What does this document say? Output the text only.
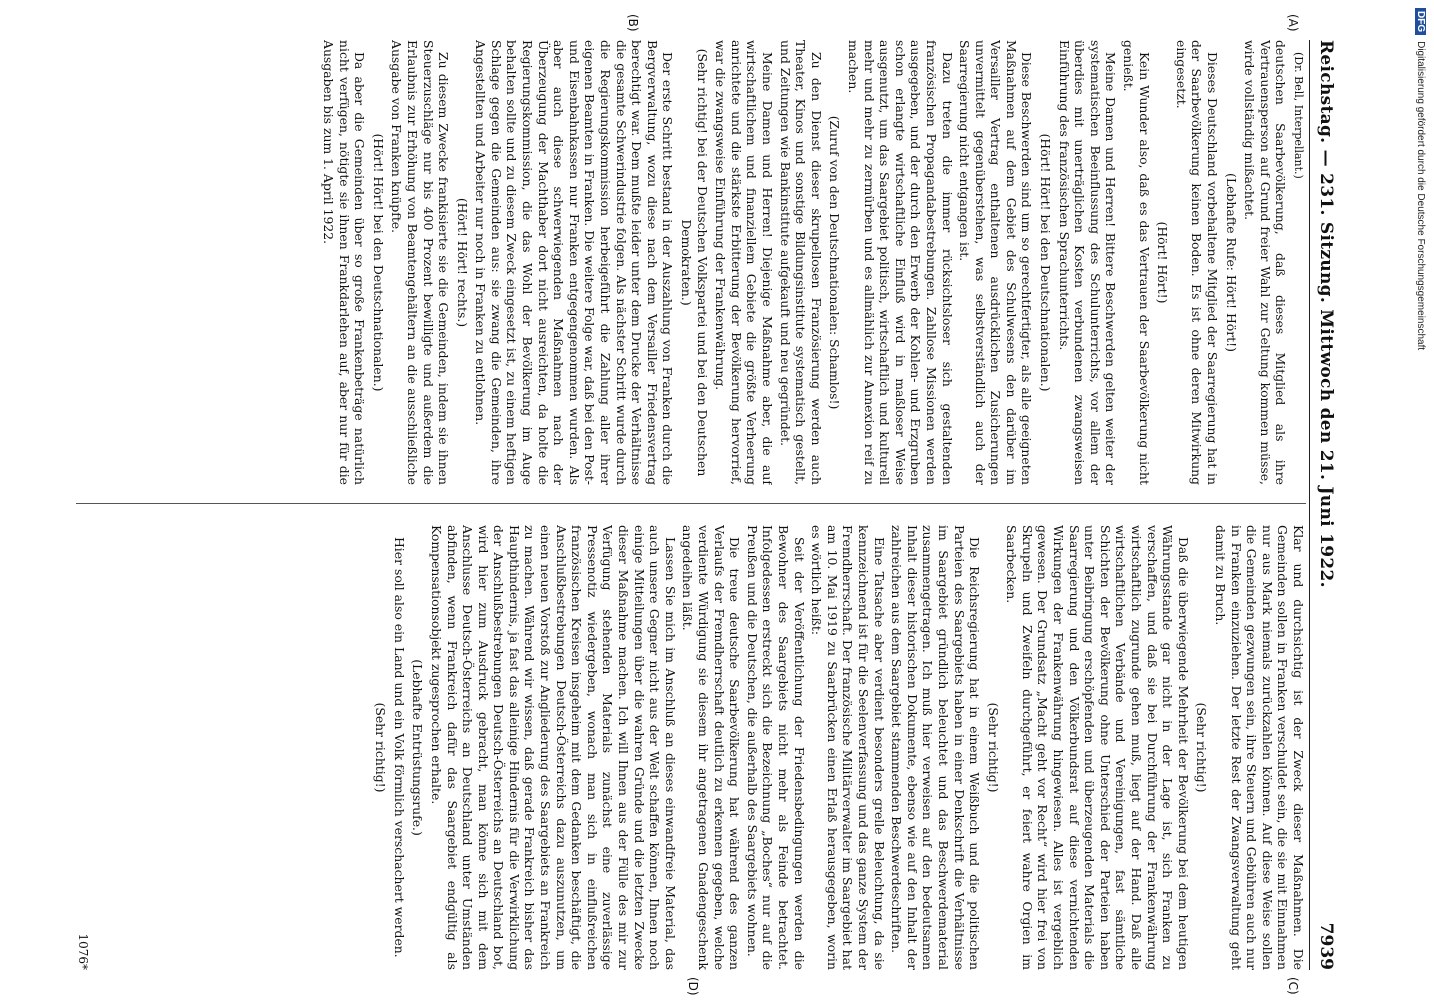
Reichstag. — 231. Sitzung. Mittwoch den 21. Juni 1922.
7939
(A)
(B)
(C)
(D)

(Dr. Bell, Interpellant.)

deutschen Saarbevölkerung, daß dieses Mitglied als ihre Vertrauensperson auf Grund freier Wahl zur Geltung kommen müsse, wirde vollständig mißachtet.

(Lebhafte Rufe: Hört! Hört!)

Dieses Deutschland vorbehaltene Mitglied der Saarregierung hat in der Saarbevölkerung keinen Boden. Es ist ohne deren Mitwirkung eingesetzt.

(Hört! Hört!)

Kein Wunder also, daß es das Vertrauen der Saarbevölkerung nicht genießt.

Meine Damen und Herren! Bittere Beschwerden gelten weiter der systematischen Beeinflussung des Schulunterrichts, vor allem der überdies mit unerträglichen Kosten verbundenen zwangsweisen Einführung des französischen Sprachunterrichts.

(Hört! Hört! bei den Deutschnationalen.)

Diese Beschwerden sind um so gerechtfertigter, als alle geeigneten Maßnahmen auf dem Gebiet des Schulwesens den darüber im Versailler Vertrag enthaltenen ausdrücklichen Zusicherungen unvermittelt gegenüberstehen, was selbstverständlich auch der Saarregierung nicht entgangen ist.

Dazu treten die immer rücksichtsloser sich gestaltenden französischen Propagandabestrebungen. Zahllose Missionen werden ausgegeben, und der durch den Erwerb der Kohlen- und Erzgruben schon erlangte wirtschaftliche Einfluß wird in maßloser Weise ausgenutzt, um das Saargebiet politisch, wirtschaftlich und kulturell mehr und mehr zu zermürben und es allmählich zur Annexion reif zu machen.

(Zuruf von den Deutschnationalen: Schamlos!)

Zu den Dienst dieser skrupellosen Französierung werden auch Theater, Kinos und sonstige Bildungsinstitute systematisch gestellt, und Zeitungen wie Bankinstitute aufgekauft und neu gegründet.

Meine Damen und Herren! Diejenige Maßnahme aber, die auf wirtschaftlichem und finanziellem Gebiete die größte Verheerung anrichtete und die stärkste Erbitterung der Bevölkerung hervorrief, war die zwangsweise Einführung der Frankenwährung.

(Sehr richtig! bei der Deutschen Volkspartei und bei den Deutschen Demokraten.)

Der erste Schritt bestand in der Auszahlung von Franken durch die Bergverwaltung, wozu diese nach dem Versailler Friedensvertrag berechtigt war. Dem mußte leider unter dem Drucke der Verhältnisse die gesamte Schwerindustrie folgen. Als nächster Schritt wurde durch die Regierungskommission herbeigeführt die Zahlung aller ihrer eigenen Beamten in Franken. Die weitere Folge war, daß bei den Post- und Eisenbahnkassen nur Franken entgegengenommen wurden. Als aber auch diese schwerwiegenden Maßnahmen nach der Überzeugung der Machthaber dort nicht ausreichten, da holte die Regierungskommission, die das Wohl der Bevölkerung im Auge behalten sollte und zu diesem Zweck eingesetzt ist, zu einem heftigen Schlage gegen die Gemeinden aus: sie zwang die Gemeinden, ihre Angestellten und Arbeiter nur noch in Franken zu entlohnen.

(Hört! Hört! rechts.)

Zu diesem Zwecke frankisierte sie die Gemeinden, indem sie ihnen Steuerzuschläge nur bis 400 Prozent bewilligte und außerdem die Erlaubnis zur Erhöhung von Beamtengehältern an die ausschließliche Ausgabe von Franken knüpfte.

(Hört! Hört! bei den Deutschnationalen.)

Da aber die Gemeinden über so große Frankenbeträge natürlich nicht verfügen, nötigte sie ihnen Frankdarlehen auf, aber nur für die Ausgaben bis zum 1. April 1922.

Klar und durchsichtig ist der Zweck dieser Maßnahmen. Die Gemeinden sollen in Franken verschuldet sein, die sie mit Einnahmen nur aus Mark niemals zurückzahlen können. Auf diese Weise sollen die Gemeinden gezwungen sein, ihre Steuern und Gebühren auch nur in Franken einzuziehen. Der letzte Rest der Zwangsverwaltung geht damit zu Bruch.

(Sehr richtig!)

Daß die überwiegende Mehrheit der Bevölkerung bei dem heutigen Währungsstande gar nicht in der Lage ist, sich Franken zu verschaffen, und daß sie bei Durchführung der Frankenwährung wirtschaftlich zugrunde gehen muß, liegt auf der Hand. Daß alle wirtschaftlichen Verbände und Vereinigungen, fast sämtliche Schichten der Bevölkerung ohne Unterschied der Parteien haben unter Beibringung erschöpfenden und überzeugenden Materials die Saarregierung und den Völkerbundsrat auf diese vernichtenden Wirkungen der Frankenwährung hingewiesen. Alles ist vergeblich gewesen. Der Grundsatz „Macht geht vor Recht“ wird hier frei von Skrupeln und Zweifeln durchgeführt, er feiert wahre Orgien im Saarbecken.

(Sehr richtig!)

Die Reichsregierung hat in einem Weißbuch und die politischen Parteien des Saargebiets haben in einer Denkschrift die Verhältnisse im Saargebiet gründlich beleuchtet und das Beschwerdematerial zusammengetragen. Ich muß hier verweisen auf den bedeutsamen Inhalt dieser historischen Dokumente, ebenso wie auf den Inhalt der zahlreichen aus dem Saargebiet stammenden Beschwerdeschriften.

Eine Tatsache aber verdient besonders grelle Beleuchtung, da sie kennzeichnend ist für die Seelenverfassung und das ganze System der Fremdherrschaft. Der französische Militärverwalter im Saargebiet hat am 10. Mai 1919 zu Saarbrücken einen Erlaß herausgegeben, worin es wörtlich heißt:

Seit der Veröffentlichung der Friedensbedingungen werden die Bewohner des Saargebiets nicht mehr als Feinde betrachtet. Infolgedessen erstreckt sich die Bezeichnung „Boches“ nur auf die Preußen und die Deutschen, die außerhalb des Saargebiets wohnen.

Die treue deutsche Saarbevölkerung hat während des ganzen Verlaufs der Fremdherrschaft deutlich zu erkennen gegeben, welche verdiente Würdigung sie diesem ihr angetragenen Gnadengeschenk angedeihen läßt.

Lassen Sie mich im Anschluß an dieses einwandfreie Material, das auch unsere Gegner nicht aus der Welt schaffen können, Ihnen noch einige Mitteilungen über die wahren Gründe und die letzten Zwecke dieser Maßnahme machen. Ich will Ihnen aus der Fülle des mir zur Verfügung stehenden Materials zunächst eine zuverlässige Pressenotiz wiedergeben, wonach man sich in einflußreichen französischen Kreisen insgeheim mit dem Gedanken beschäftigt, die Anschlußbestrebungen Deutsch-Österreichs dazu auszunutzen, um einen neuen Vorstoß zur Angliederung des Saargebiets an Frankreich zu machen. Während wir wissen, daß gerade Frankreich bisher das Haupthindernis, ja fast das alleinige Hindernis für die Verwirklichung der Anschlußbestrebungen Deutsch-Österreichs an Deutschland bot, wird hier zum Ausdruck gebracht, man könne sich mit dem Anschlusse Deutsch-Österreichs an Deutschland unter Umständen abfinden, wenn Frankreich dafür das Saargebiet endgültig als Kompensationsobjekt zugesprochen erhalte.

(Lebhafte Entrüstungsrufe.)

Hier soll also ein Land und ein Volk förmlich verschachert werden.

(Sehr richtig!)

1076*
DFGDigitalisierung gefördert durch die Deutsche Forschungsgemeinschaft
